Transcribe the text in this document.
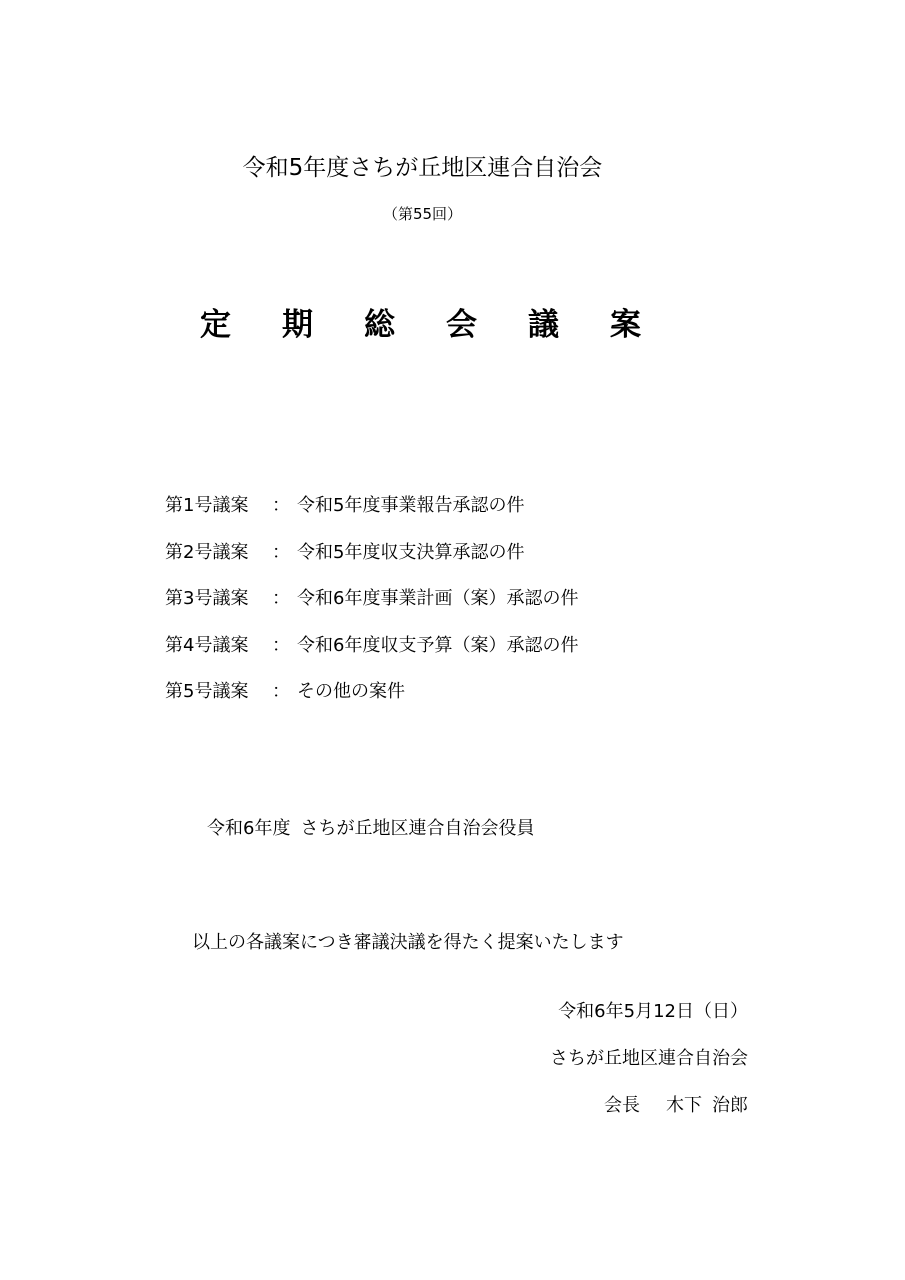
令和5年度さちが丘地区連合自治会
（第55回）
定期総会議案
第1号議案	： 令和5年度事業報告承認の件
第2号議案	： 令和5年度収支決算承認の件
第3号議案	： 令和6年度事業計画（案）承認の件
第4号議案	： 令和6年度収支予算（案）承認の件
第5号議案	： その他の案件
令和6年度 さちが丘地区連合自治会役員
以上の各議案につき審議決議を得たく提案いたします
令和6年5月12日（日）
さちが丘地区連合自治会
会長 木下 治郎
